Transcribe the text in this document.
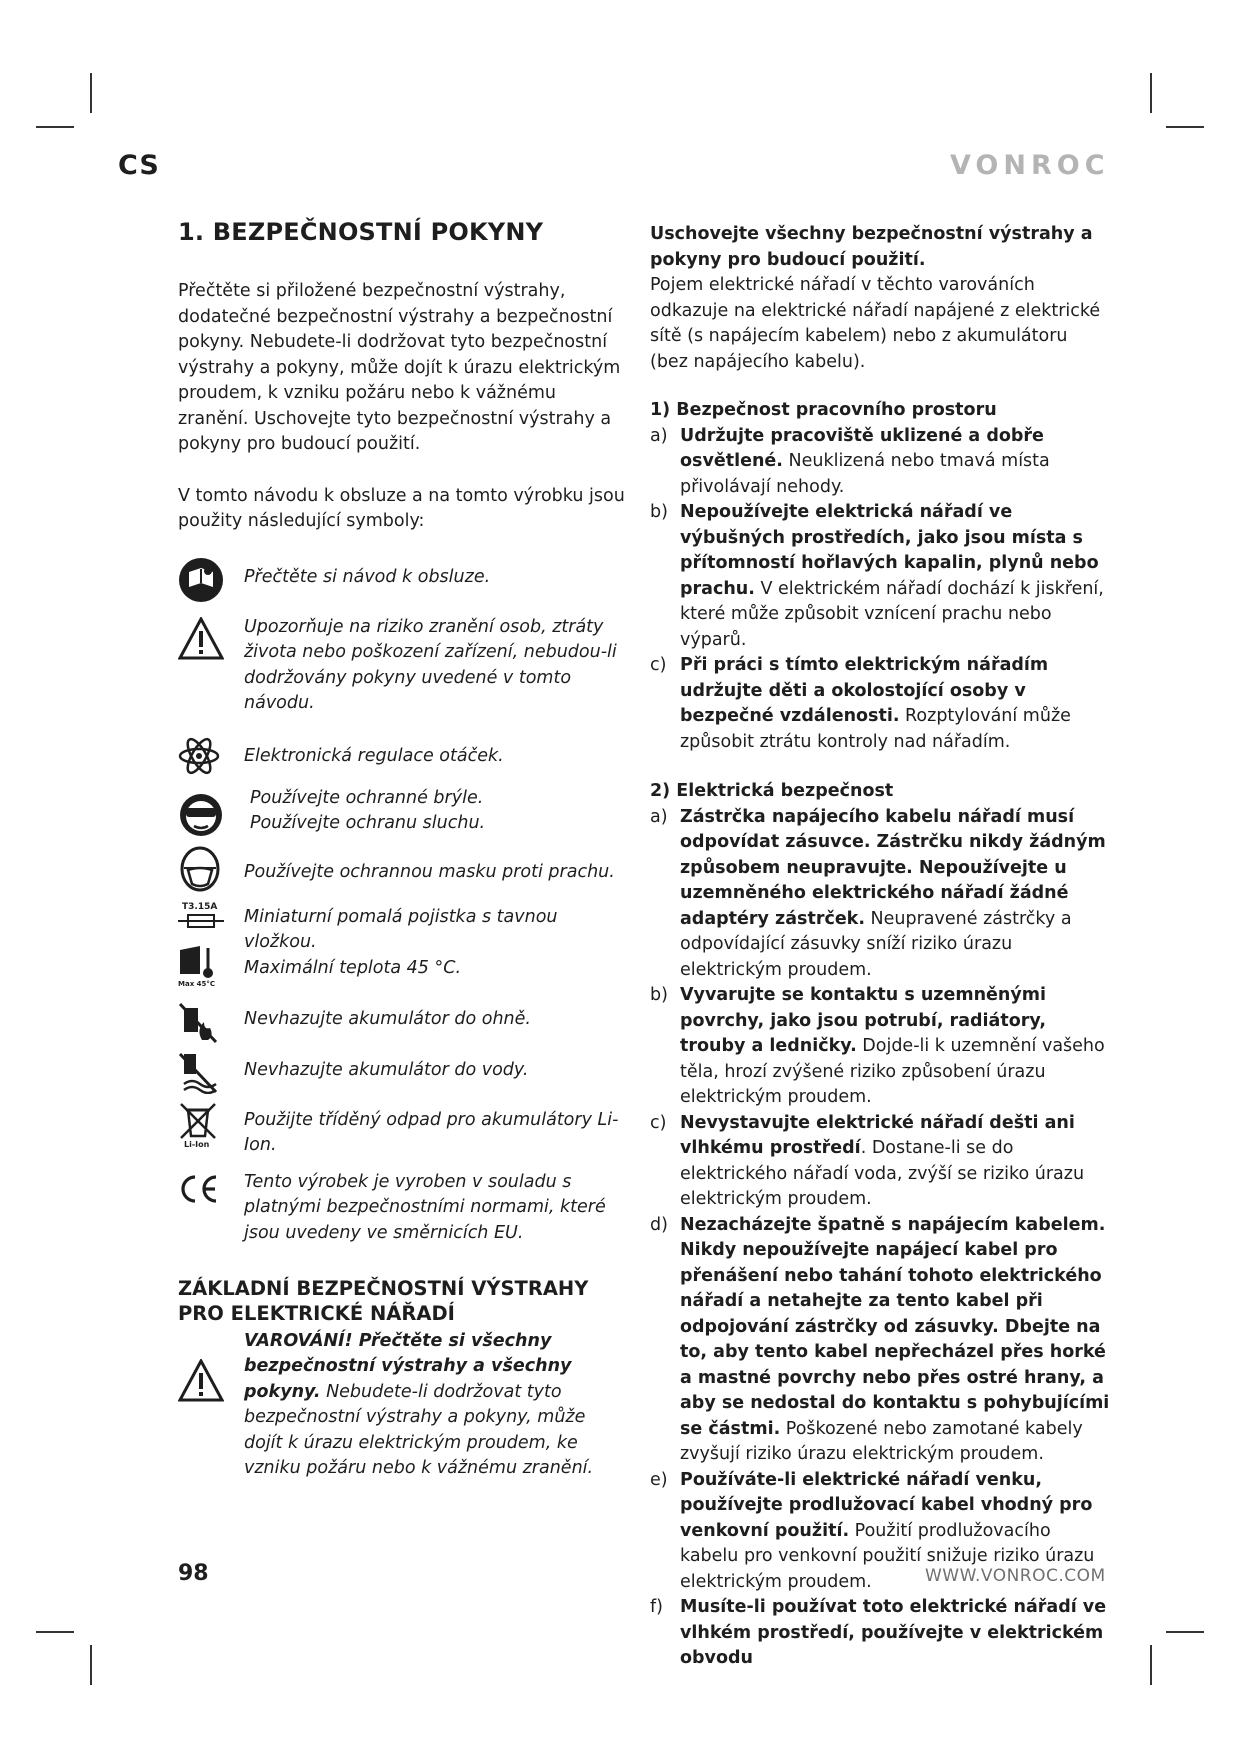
CS	VONROC
1. BEZPEČNOSTNÍ POKYNY

Přečtěte si přiložené bezpečnostní výstrahy, dodatečné bezpečnostní výstrahy a bezpečnostní pokyny. Nebudete-li dodržovat tyto bezpečnostní výstrahy a pokyny, může dojít k úrazu elektrickým proudem, k vzniku požáru nebo k vážnému zranění. Uschovejte tyto bezpečnostní výstrahy a pokyny pro budoucí použití.

V tomto návodu k obsluze a na tomto výrobku jsou použity následující symboly:

Přečtěte si návod k obsluze.
Upozorňuje na riziko zranění osob, ztráty života nebo poškození zařízení, nebudou-li dodržovány pokyny uvedené v tomto návodu.
Elektronická regulace otáček.
Používejte ochranné brýle.
Používejte ochranu sluchu.
Používejte ochrannou masku proti prachu.
T3.15A Miniaturní pomalá pojistka s tavnou vložkou.
Max 45°C
Maximální teplota 45 °C.
Nevhazujte akumulátor do ohně.
Nevhazujte akumulátor do vody.
Li-Ion
Použijte tříděný odpad pro akumulátory Li-Ion.
Tento výrobek je vyroben v souladu s platnými bezpečnostními normami, které jsou uvedeny ve směrnicích EU.
ZÁKLADNÍ BEZPEČNOSTNÍ VÝSTRAHY PRO ELEKTRICKÉ NÁŘADÍ
VAROVÁNÍ! Přečtěte si všechny bezpečnostní výstrahy a všechny pokyny. Nebudete-li dodržovat tyto bezpečnostní výstrahy a pokyny, může dojít k úrazu elektrickým proudem, ke vzniku požáru nebo k vážnému zranění.

Uschovejte všechny bezpečnostní výstrahy a pokyny pro budoucí použití.

Pojem elektrické nářadí v těchto varováních odkazuje na elektrické nářadí napájené z elektrické sítě (s napájecím kabelem) nebo z akumulátoru (bez napájecího kabelu).

1) Bezpečnost pracovního prostoru
a) Udržujte pracoviště uklizené a dobře osvětlené. Neuklizená nebo tmavá místa přivolávají nehody.
b) Nepoužívejte elektrická nářadí ve výbušných prostředích, jako jsou místa s přítomností hořlavých kapalin, plynů nebo prachu. V elektrickém nářadí dochází k jiskření, které může způsobit vznícení prachu nebo výparů.
c) Při práci s tímto elektrickým nářadím udržujte děti a okolostojící osoby v bezpečné vzdálenosti. Rozptylování může způsobit ztrátu kontroly nad nářadím.
2) Elektrická bezpečnost
a) Zástrčka napájecího kabelu nářadí musí odpovídat zásuvce. Zástrčku nikdy žádným způsobem neupravujte. Nepoužívejte u uzemněného elektrického nářadí žádné adaptéry zástrček. Neupravené zástrčky a odpovídající zásuvky sníží riziko úrazu elektrickým proudem.
b) Vyvarujte se kontaktu s uzemněnými povrchy, jako jsou potrubí, radiátory, trouby a ledničky. Dojde-li k uzemnění vašeho těla, hrozí zvýšené riziko způsobení úrazu elektrickým proudem.
c) Nevystavujte elektrické nářadí dešti ani vlhkému prostředí. Dostane-li se do elektrického nářadí voda, zvýší se riziko úrazu elektrickým proudem.
d) Nezacházejte špatně s napájecím kabelem. Nikdy nepoužívejte napájecí kabel pro přenášení nebo tahání tohoto elektrického nářadí a netahejte za tento kabel při odpojování zástrčky od zásuvky. Dbejte na to, aby tento kabel nepřecházel přes horké a mastné povrchy nebo přes ostré hrany, a aby se nedostal do kontaktu s pohybujícími se částmi. Poškozené nebo zamotané kabely zvyšují riziko úrazu elektrickým proudem.
e) Používáte-li elektrické nářadí venku, používejte prodlužovací kabel vhodný pro venkovní použití. Použití prodlužovacího kabelu pro venkovní použití snižuje riziko úrazu elektrickým proudem.
f) Musíte-li používat toto elektrické nářadí ve vlhkém prostředí, používejte v elektrickém obvodu
98	WWW.VONROC.COM
